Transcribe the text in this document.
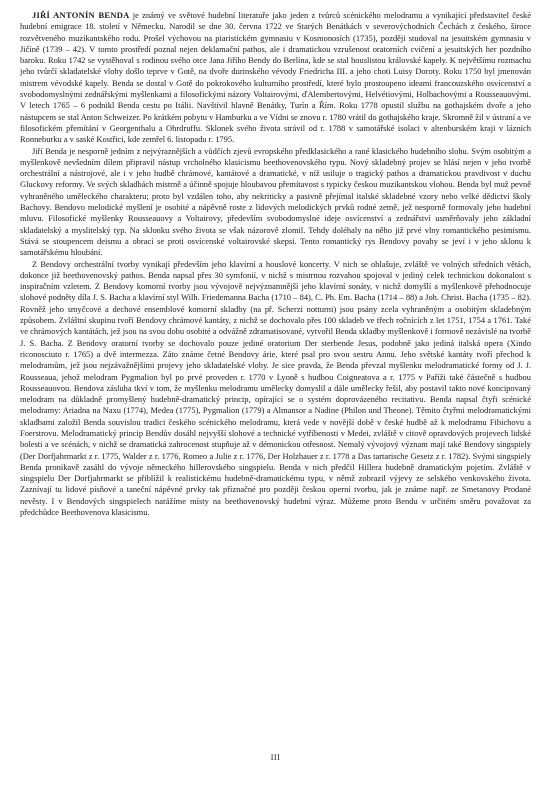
JIŘÍ ANTONÍN BENDA je známý ve světové hudební literatuře jako jeden z tvůrců scénického melodramu a vynikající představitel české hudební emigrace 18. století v Německu. Narodil se dne 30. června 1722 ve Starých Benátkách v severovýchodních Čechách z českého, široce rozvětveného muzikantského rodu. Prošel výchovou na piaristickém gymnasiu v Kosmonosích (1735), později studoval na jesuitském gymnasiu v Jičíně (1739 – 42). V tomto prostředí poznal nejen deklamační pathos, ale i dramatickou vzrušenost oratorních cvičení a jesuitských her pozdního baroku. Roku 1742 se vystěhoval s rodinou svého otce Jana Jiřího Bendy do Berlína, kde se stal houslistou královské kapely. K největšímu rozmachu jeho tvůrčí skladatelské vlohy došlo teprve v Gotě, na dvoře durinského vévody Friedricha III. a jeho choti Luisy Doroty. Roku 1750 byl jmenován mistrem vévodské kapely. Benda se dostal v Gotě do pokrokového kulturního prostředí, které bylo prostoupeno ideami francouzského osvícenství a svobodomyslnými zednářskými myšlenkami a filosofickými názory Voltairovými, ďAlembertovými, Helvétiovými, Holbachovými a Rousseauovými. V letech 1765 – 6 podnikl Benda cestu po Itálii. Navštívil hlavně Benátky, Turín a Řím. Roku 1778 opustil službu na gothajském dvoře a jeho nástupcem se stal Anton Schweizer. Po krátkém pobytu v Hamburku a ve Vídni se znovu r. 1780 vrátil do gothajského kraje. Skromně žil v ústraní a ve filosofickém přemítání v Georgenthalu a Ohrdruffu. Sklonek svého života strávil od r. 1788 v samotářské isolaci v altenburském kraji v lázních Ronneburku a v saské Kostřici, kde zemřel 6. listopadu r. 1795.

Jiří Benda je nesporně jedním z nejvýraznějších a vůdčích zjevů evropského předklasického a rané klasického hudebního slohu. Svým osobitým a myšlenkově nevšedním dílem připravil nástup vrcholného klasicismu beethovenovského typu. Nový skladebný projev se hlásí nejen v jeho tvorbě orchestrální a nástrojové, ale i v jeho hudbě chrámové, kantátové a dramatické, v níž usiluje o tragický pathos a dramatickou pravdivost v duchu Gluckovy reformy. Ve svých skladbách mistrně a účinně spojuje hloubavou přemítavost s typicky českou muzikantskou vlohou. Benda byl muž pevně vyhraněného uměleckého charakteru; proto byl vzdálen toho, aby nekriticky a pasivně přejímal italské skladebné vzory nebo velké dědictví školy Bachovy. Bendovo melodické myšlení je osobité a nápěvně roste z lidových melodických prvků rodné země, jež nesporně formovaly jeho hudební mluvu. Filosofické myšlenky Rousseauovy a Voltairovy, především svobodomyslné ideje osvícenství a zednářství usměrňovaly jeho základní skladatelský a myslitelský typ. Na sklonku svého života se však názorově zlomil. Tehdy doléhaly na něho již prvé vlny romantického pesimismu. Stává se stoupencem deismu a obrací se proti osvícenské voltairovské skepsi. Tento romantický rys Bendovy povahy se jeví i v jeho sklonu k samotářskému hloubání.

Z Bendovy orchestrální tvorby vynikají především jeho klavírní a houslové koncerty. V nich se ohlašuje, zvláště ve volných středních větách, dokonce již beethovenovský pathos. Benda napsal přes 30 symfonií, v nichž s mistrnou rozvahou spojoval v jediný celek technickou dokonalost s inspiračním vzletem. Z Bendovy komorní tvorby jsou vývojově nejvýznamnější jeho klavírní sonáty, v nichž domyšlí a myšlenkově přehodnocuje slohové podněty díla J. S. Bacha a klavírní styl Wilh. Friedemanna Bacha (1710 – 84), C. Ph. Em. Bacha (1714 – 88) a Joh. Christ. Bacha (1735 – 82). Rovněž jeho smyčcové a dechové ensemblové komorní skladby (na př. Scherzi notturni) jsou psány zcela vyhraněným a osobitým skladebným způsobem. Zvláštní skupinu tvoří Bendovy chrámové kantáty, z nichž se dochovalo přes 100 skladeb ve třech ročnících z let 1751, 1754 a 1761. Také ve chrámových kantátách, jež jsou na svou dobu osobité a odvážně zdramatisované, vytvořil Benda skladby myšlenkově i formově nezávislé na tvorbě J. S. Bacha. Z Bendovy oratorní tvorby se dochovalo pouze jediné oratorium Der sterbende Jesus, podobně jako jediná italská opera (Xindo riconosciuto r. 1765) a dvě intermezza. Záto známe četné Bendovy árie, které psal pro svou sestru Annu. Jeho světské kantáty tvoří přechod k melodramům, jež jsou nejzávažnějšími projevy jeho skladatelské vlohy. Je sice pravda, že Benda převzal myšlenku melodramatické formy od J. J. Rousseaua, jehož melodram Pygmalion byl po prvé proveden r. 1770 v Lyoně s hudbou Coigneatova a r. 1775 v Paříži také částečně s hudbou Rousseauovou. Bendova zásluha tkví v tom, že myšlenku melodramu umělecky domyslil a dále umělecky řešil, aby postavil takto nové koncipovaný melodram na důkladně promyšlený hudebně-dramatický princip, opírající se o systém doprovázeného recitativu. Benda napsal čtyři scénické melodramy: Ariadna na Naxu (1774), Medea (1775), Pygmalion (1779) a Almansor a Nadine (Philon und Theone). Těmito čtyřmi melodramatickými skladbami založil Benda souvislou tradici českého scénického melodramu, která vede v novější době v české hudbě až k melodramu Fibichovu a Foerstrovu. Melodramatický princip Bendův dosáhl nejvyšší slohové a technické vytříbenosti v Medei, zvláště v citově opravdových projevech lidské bolesti a ve scénách, v nichž se dramatická zahrocenost stupňuje až v démonickou otřesnost. Nemalý vývojový význam mají také Bendovy singspiely (Der Dorfjahrmarkt z r. 1775, Walder z r. 1776, Romeo a Julie z r. 1776, Der Holzhauer z r. 1778 a Das tartarische Gesetz z r. 1782). Svými singspiely Benda pronikavě zasáhl do vývoje německého hillerovského singspielu. Benda v nich předčil Hillera hudebně dramatickým pojetím. Zvláště v singspielu Der Dorfjahrmarkt se přiblížil k realistickému hudebně-dramatickému typu, v němž zobrazil výjevy ze selského venkovského života. Zaznívají tu lidové písňové a taneční nápěvné prvky tak příznačné pro později českou operní tvorbu, jak je známe např. ze Smetanovy Prodané nevěsty. I v Bendových singspielech narážíme místy na beethovenovský hudební výraz. Můžeme proto Bendu v určitém směru považovat za předchůdce Beethovenova klasicismu.

III
